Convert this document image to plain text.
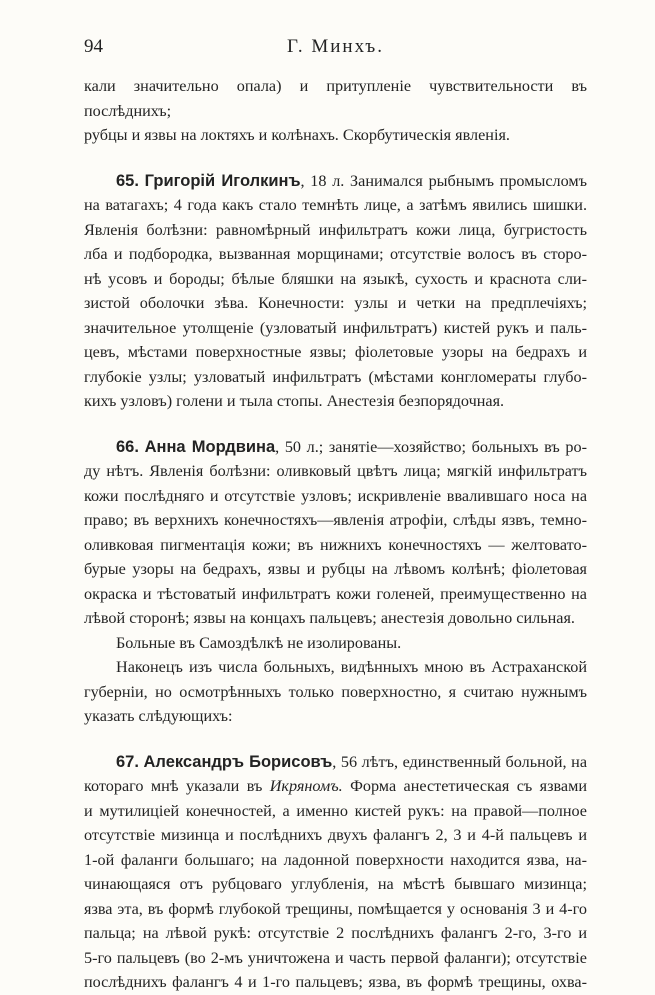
94	Г. Минхъ.

кали значительно опала) и притупленіе чувствительности въ послѣднихъ;
рубцы и язвы на локтяхъ и колѣнахъ. Скорбутическія явленія.

65. Григорій Иголкинъ, 18 л. Занимался рыбнымъ промысломъ

на ватагахъ; 4 года какъ стало темнѣть лице, а затѣмъ явились шишки.
Явленія болѣзни: равномѣрный инфильтратъ кожи лица, бугристость
лба и подбородка, вызванная морщинами; отсутствіе волосъ въ сторо-
нѣ усовъ и бороды; бѣлые бляшки на языкѣ, сухость и краснота сли-
зистой оболочки зѣва. Конечности: узлы и четки на предплечіяхъ;
значительное утолщеніе (узловатый инфильтратъ) кистей рукъ и паль-
цевъ, мѣстами поверхностные язвы; фіолетовые узоры на бедрахъ и
глубокіе узлы; узловатый инфильтратъ (мѣстами конгломераты глубо-
кихъ узловъ) голени и тыла стопы. Анестезія безпорядочная.

66. Анна Мордвина, 50 л.; занятіе—хозяйство; больныхъ въ ро-

ду нѣтъ. Явленія болѣзни: оливковый цвѣтъ лица; мягкій инфильтратъ
кожи послѣдняго и отсутствіе узловъ; искривленіе ввалившагo носа на
право; въ верхнихъ конечностяхъ—явленія атрофіи, слѣды язвъ, темно-
оливковая пигментація кожи; въ нижнихъ конечностяхъ — желтовато-
бурые узоры на бедрахъ, язвы и рубцы на лѣвомъ колѣнѣ; фіолетовая
окраска и тѣстоватый инфильтратъ кожи голеней, преимущественно на
лѣвой сторонѣ; язвы на концахъ пальцевъ; анестезія довольно сильная.
Больные въ Самоздѣлкѣ не изолированы.

Наконецъ изъ числа больныхъ, видѣнныхъ мною въ Астраханской

губерніи, но осмотрѣнныхъ только поверхностно, я считаю нужнымъ
указать слѣдующихъ:

67. Александръ Борисовъ, 56 лѣтъ, единственный больной, на

котораго мнѣ указали въ Икряномъ. Форма анестетическая съ язвами
и мутилиціей конечностей, а именно кистей рукъ: на правой—полное
отсутствіе мизинца и послѣднихъ двухъ фалангъ 2, 3 и 4-й пальцевъ и
1-ой фаланги большаго; на ладонной поверхности находится язва, на-
чинающаяся отъ рубцоваго углубленія, на мѣстѣ бывшаго мизинца;
язва эта, въ формѣ глубокой трещины, помѣщается у основанія 3 и 4-го
пальца; на лѣвой рукѣ: отсутствіе 2 послѣднихъ фалангъ 2-го, 3-го и
5-го пальцевъ (во 2-мъ уничтожена и часть первой фаланги); отсутствіе
послѣднихъ фалангъ 4 и 1-го пальцевъ; язва, въ формѣ трещины, охва-
